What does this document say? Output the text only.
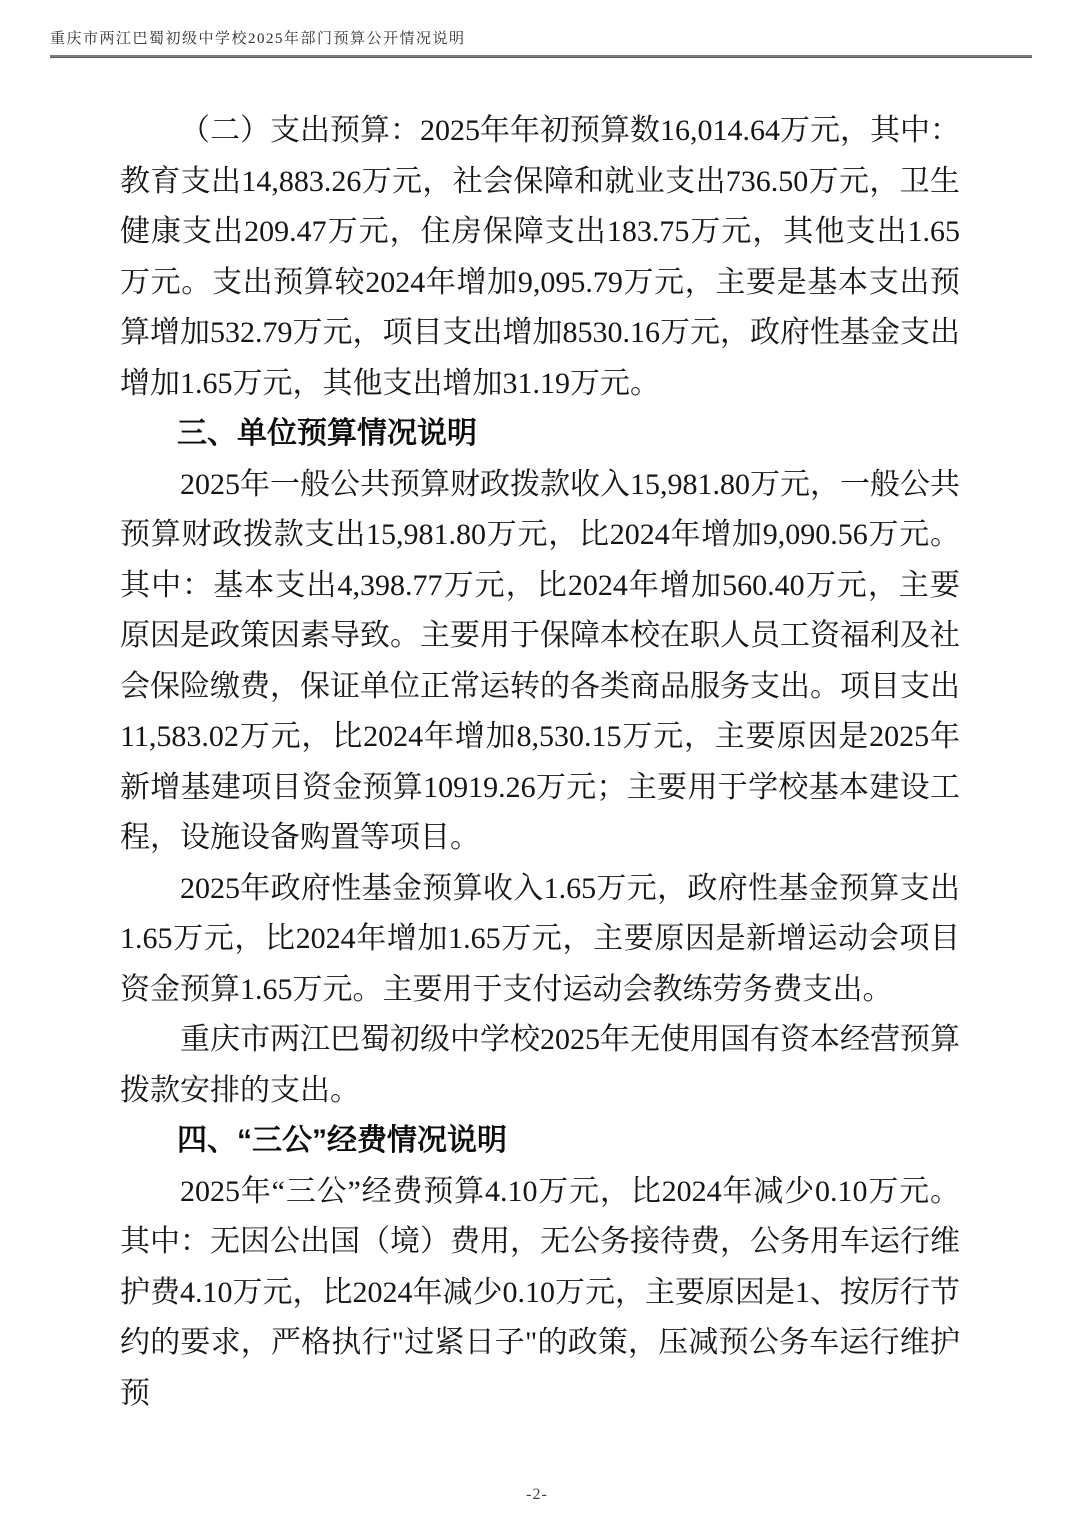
重庆市两江巴蜀初级中学校2025年部门预算公开情况说明

（二）支出预算：2025年年初预算数16,014.64万元，其中：教育支出14,883.26万元，社会保障和就业支出736.50万元，卫生健康支出209.47万元，住房保障支出183.75万元，其他支出1.65万元。支出预算较2024年增加9,095.79万元，主要是基本支出预算增加532.79万元，项目支出增加8530.16万元，政府性基金支出增加1.65万元，其他支出增加31.19万元。

三、单位预算情况说明

2025年一般公共预算财政拨款收入15,981.80万元，一般公共预算财政拨款支出15,981.80万元，比2024年增加9,090.56万元。其中：基本支出4,398.77万元，比2024年增加560.40万元，主要原因是政策因素导致。主要用于保障本校在职人员工资福利及社会保险缴费，保证单位正常运转的各类商品服务支出。项目支出11,583.02万元，比2024年增加8,530.15万元，主要原因是2025年新增基建项目资金预算10919.26万元；主要用于学校基本建设工程，设施设备购置等项目。

2025年政府性基金预算收入1.65万元，政府性基金预算支出1.65万元，比2024年增加1.65万元，主要原因是新增运动会项目资金预算1.65万元。主要用于支付运动会教练劳务费支出。

重庆市两江巴蜀初级中学校2025年无使用国有资本经营预算拨款安排的支出。

四、“三公”经费情况说明

2025年“三公”经费预算4.10万元，比2024年减少0.10万元。其中：无因公出国（境）费用，无公务接待费，公务用车运行维护费4.10万元，比2024年减少0.10万元，主要原因是1、按厉行节约的要求，严格执行"过紧日子"的政策，压减预公务车运行维护预

-2-
